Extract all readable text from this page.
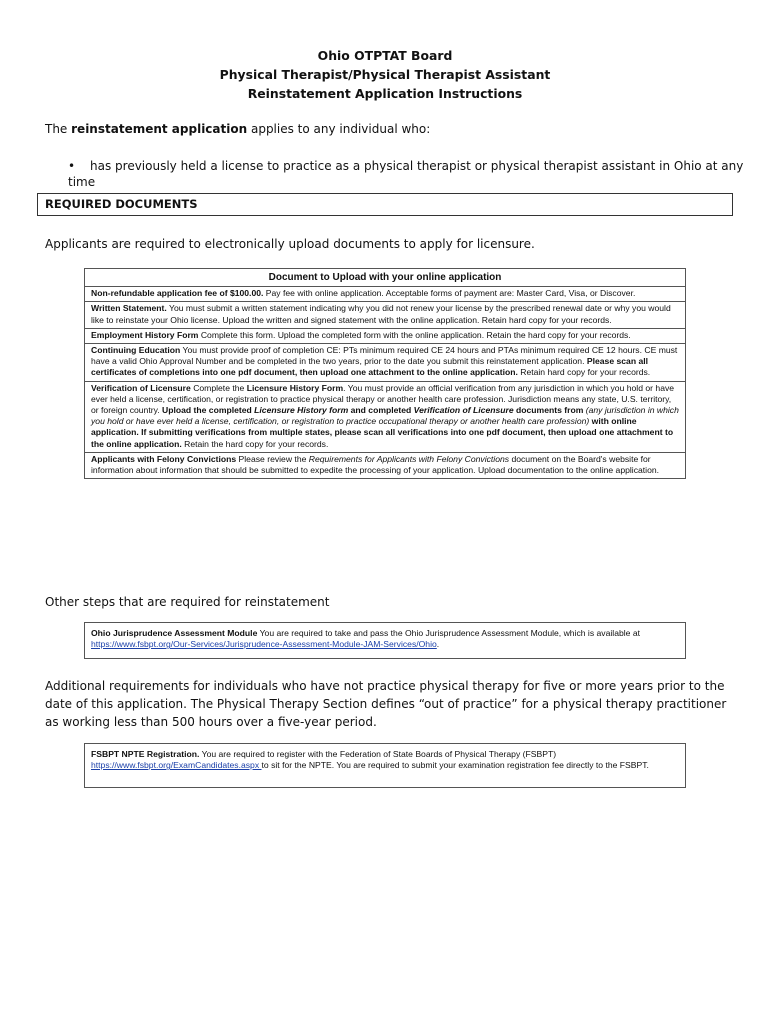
Ohio OTPTAT Board
Physical Therapist/Physical Therapist Assistant
Reinstatement Application Instructions
The reinstatement application applies to any individual who:
• has previously held a license to practice as a physical therapist or physical therapist assistant in Ohio at any time
REQUIRED DOCUMENTS
Applicants are required to electronically upload documents to apply for licensure.
Document to Upload with your online application
Non-refundable application fee of $100.00. Pay fee with online application. Acceptable forms of payment are: Master Card, Visa, or Discover.
Written Statement. You must submit a written statement indicating why you did not renew your license by the prescribed renewal date or why you would like to reinstate your Ohio license. Upload the written and signed statement with the online application. Retain hard copy for your records.
Employment History Form Complete this form. Upload the completed form with the online application. Retain the hard copy for your records.
Continuing Education You must provide proof of completion CE: PTs minimum required CE 24 hours and PTAs minimum required CE 12 hours. CE must have a valid Ohio Approval Number and be completed in the two years, prior to the date you submit this reinstatement application. Please scan all certificates of completions into one pdf document, then upload one attachment to the online application. Retain hard copy for your records.
Verification of Licensure Complete the Licensure History Form. You must provide an official verification from any jurisdiction in which you hold or have ever held a license, certification, or registration to practice physical therapy or another health care profession. Jurisdiction means any state, U.S. territory, or foreign country. Upload the completed Licensure History form and completed Verification of Licensure documents from (any jurisdiction in which you hold or have ever held a license, certification, or registration to practice occupational therapy or another health care profession) with online application. If submitting verifications from multiple states, please scan all verifications into one pdf document, then upload one attachment to the online application. Retain the hard copy for your records.
Applicants with Felony Convictions Please review the Requirements for Applicants with Felony Convictions document on the Board's website for information about information that should be submitted to expedite the processing of your application. Upload documentation to the online application.
Other steps that are required for reinstatement
Ohio Jurisprudence Assessment Module You are required to take and pass the Ohio Jurisprudence Assessment Module, which is available at https://www.fsbpt.org/Our-Services/Jurisprudence-Assessment-Module-JAM-Services/Ohio.
Additional requirements for individuals who have not practice physical therapy for five or more years prior to the date of this application. The Physical Therapy Section defines “out of practice” for a physical therapy practitioner as working less than 500 hours over a five-year period.
FSBPT NPTE Registration. You are required to register with the Federation of State Boards of Physical Therapy (FSBPT) https://www.fsbpt.org/ExamCandidates.aspx to sit for the NPTE. You are required to submit your examination registration fee directly to the FSBPT.
